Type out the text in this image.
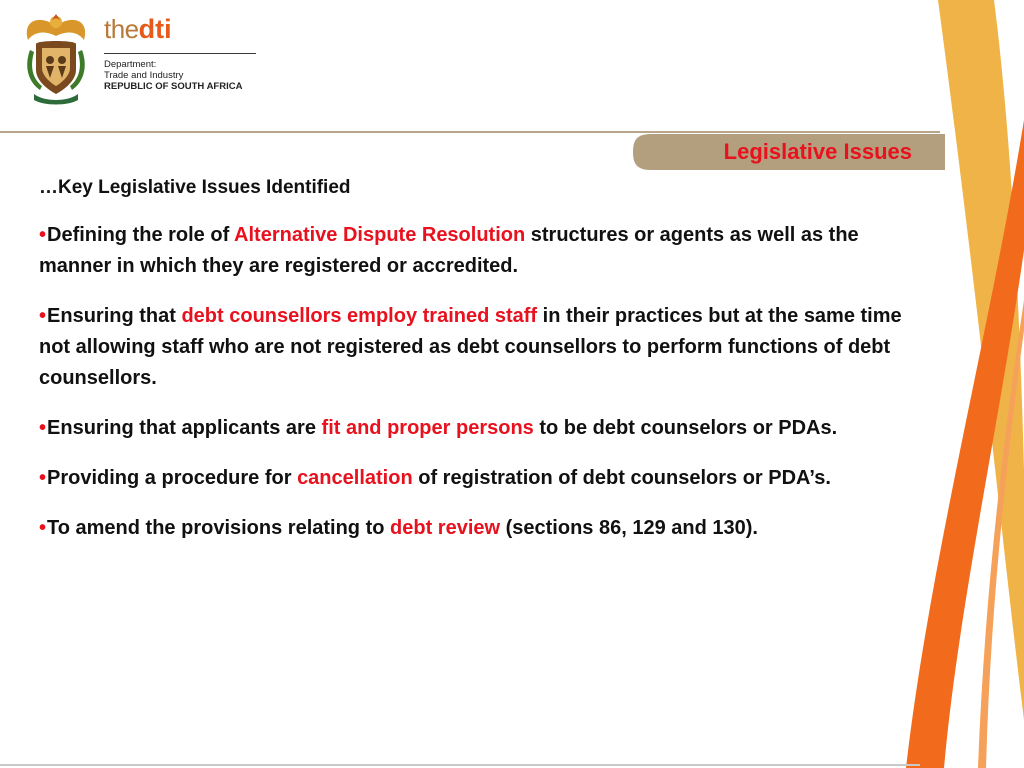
thedti
Department:
Trade and Industry
REPUBLIC OF SOUTH AFRICA
Legislative Issues
…Key Legislative Issues Identified
•Defining the role of Alternative Dispute Resolution structures or agents as well as the manner in which they are registered or accredited.
•Ensuring that debt counsellors employ trained staff in their practices but at the same time not allowing staff who are not registered as debt counsellors to perform functions of debt counsellors.
•Ensuring that applicants are fit and proper persons to be debt counselors or PDAs.
•Providing a procedure for cancellation of registration of debt counselors or PDA’s.
•To amend the provisions relating to debt review (sections 86, 129 and 130).
